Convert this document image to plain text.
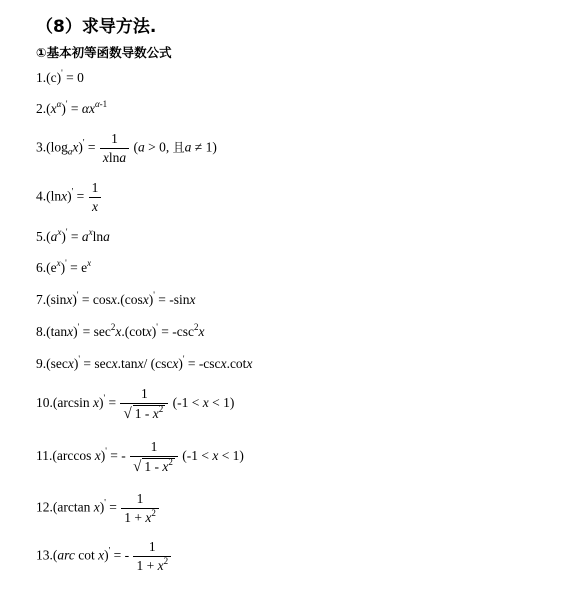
（8）求导方法.
①基本初等函数导数公式
1.(c)' = 0
$2.(x^\alpha)' = \alpha x^{\alpha-1}$
$3.(\log_ax)' = \frac{1}{xlna} (a > 0$, 且a ≠ 1)
$4.(\ln x)' = \frac{1}{x}$
$5.(a^x)' = a^x\ln a$
$6.(e^x)' = e^x$
7.(sinx)' = cosx.(cosx)' = -sinx
$8.(\tan x)' = \sec^2x.(\cot x)' = -\csc^2x$
9.(secx)' = secx.tanx/ (cscx)' = -cscx.cotx
10.(arcsin $x)' = \frac{1}{√ 1 - x^2} (-1 < x < 1)$
11.(arccos x)' = - $\frac{1}{√ 1 - x^2} (-1 < x < 1)$
12.(arctan $x)' = \frac{1}{1 + x^2}$
13.(arc cot x)' = - $\frac{1}{1 + x^2}$
